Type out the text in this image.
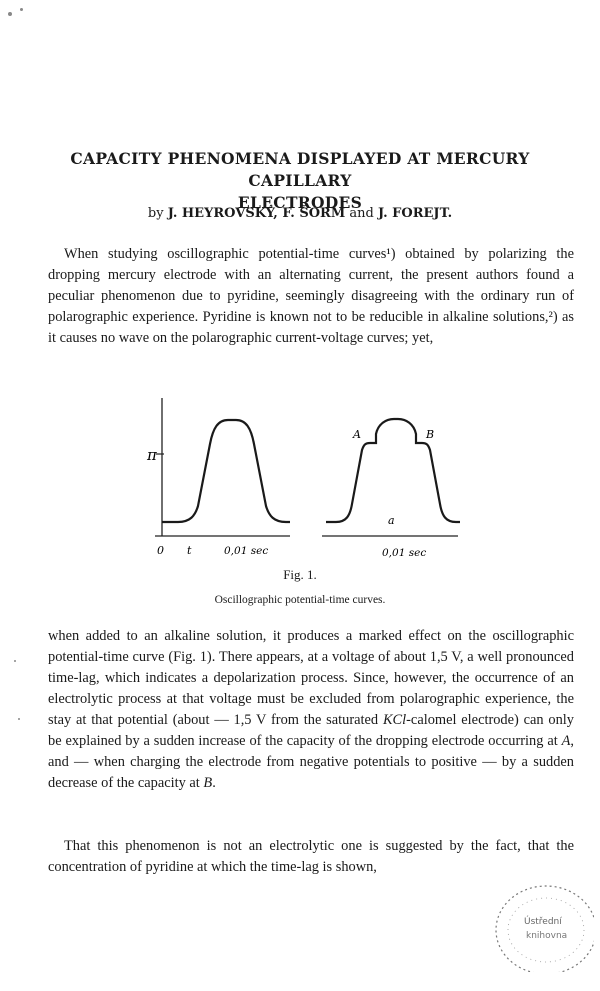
CAPACITY PHENOMENA DISPLAYED AT MERCURY CAPILLARY
ELECTRODES

by J. HEYROVSKÝ, F. ŠORM and J. FOREJT.

When studying oscillographic potential-time curves¹) obtained by polarizing the dropping mercury electrode with an alternating current, the present authors found a peculiar phenomenon due to pyridine, seemingly disagreeing with the ordinary run of polarographic experience. Pyridine is known not to be reducible in alkaline solutions,²) as it causes no wave on the polarographic current-voltage curves; yet,

π
A	B
a
0 t	0,01 sec	0,01 sec

Fig. 1.

Oscillographic potential-time curves.

when added to an alkaline solution, it produces a marked effect on the oscillographic potential-time curve (Fig. 1). There appears, at a voltage of about 1,5 V, a well pronounced time-lag, which indicates a depolarization process. Since, however, the occurrence of an electrolytic process at that voltage must be excluded from polarographic experience, the stay at that potential (about — 1,5 V from the saturated KCl-calomel electrode) can only be explained by a sudden increase of the capacity of the dropping electrode occurring at A, and — when charging the electrode from negative potentials to positive — by a sudden decrease of the capacity at B.

That this phenomenon is not an electrolytic one is suggested by the fact, that the concentration of pyridine at which the time-lag is shown,

Ústřední
knihovna
